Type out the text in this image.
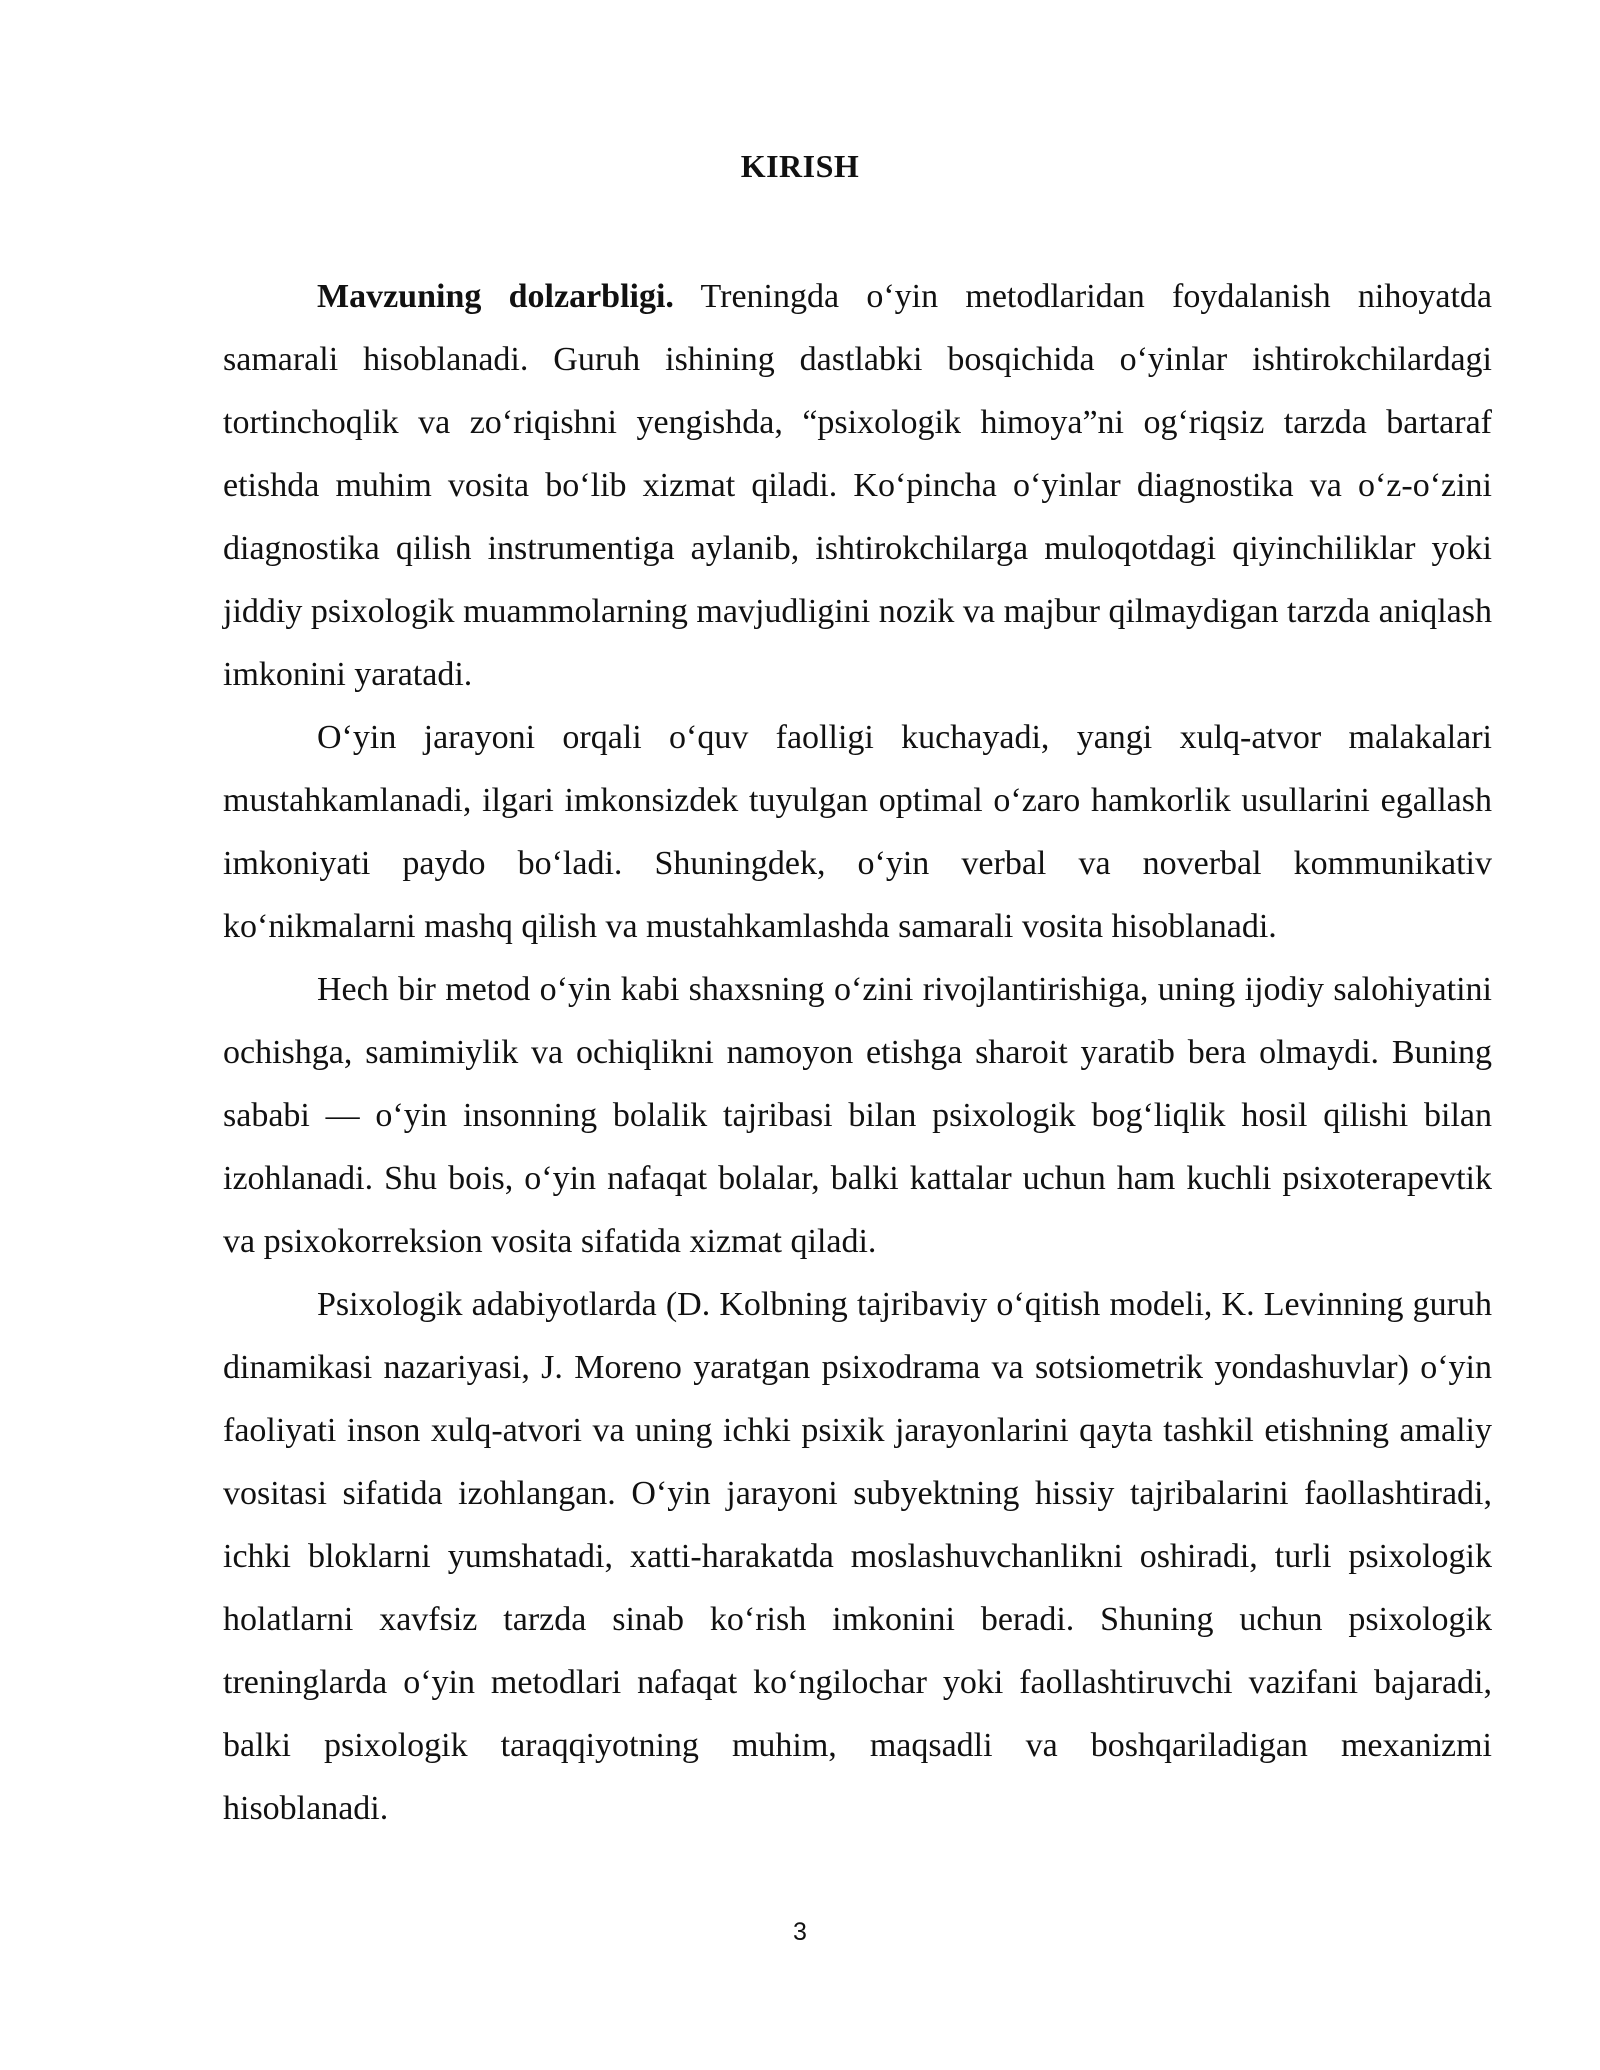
KIRISH

Mavzuning dolzarbligi. Treningda o‘yin metodlaridan foydalanish nihoyatda samarali hisoblanadi. Guruh ishining dastlabki bosqichida o‘yinlar ishtirokchilardagi tortinchoqlik va zo‘riqishni yengishda, “psixologik himoya”ni og‘riqsiz tarzda bartaraf etishda muhim vosita bo‘lib xizmat qiladi. Ko‘pincha o‘yinlar diagnostika va o‘z-o‘zini diagnostika qilish instrumentiga aylanib, ishtirokchilarga muloqotdagi qiyinchiliklar yoki jiddiy psixologik muammolarning mavjudligini nozik va majbur qilmaydigan tarzda aniqlash imkonini yaratadi.

O‘yin jarayoni orqali o‘quv faolligi kuchayadi, yangi xulq-atvor malakalari mustahkamlanadi, ilgari imkonsizdek tuyulgan optimal o‘zaro hamkorlik usullarini egallash imkoniyati paydo bo‘ladi. Shuningdek, o‘yin verbal va noverbal kommunikativ ko‘nikmalarni mashq qilish va mustahkamlashda samarali vosita hisoblanadi.

Hech bir metod o‘yin kabi shaxsning o‘zini rivojlantirishiga, uning ijodiy salohiyatini ochishga, samimiylik va ochiqlikni namoyon etishga sharoit yaratib bera olmaydi. Buning sababi — o‘yin insonning bolalik tajribasi bilan psixologik bog‘liqlik hosil qilishi bilan izohlanadi. Shu bois, o‘yin nafaqat bolalar, balki kattalar uchun ham kuchli psixoterapevtik va psixokorreksion vosita sifatida xizmat qiladi.

Psixologik adabiyotlarda (D. Kolbning tajribaviy o‘qitish modeli, K. Levinning guruh dinamikasi nazariyasi, J. Moreno yaratgan psixodrama va sotsiometrik yondashuvlar) o‘yin faoliyati inson xulq-atvori va uning ichki psixik jarayonlarini qayta tashkil etishning amaliy vositasi sifatida izohlangan. O‘yin jarayoni subyektning hissiy tajribalarini faollashtiradi, ichki bloklarni yumshatadi, xatti-harakatda moslashuvchanlikni oshiradi, turli psixologik holatlarni xavfsiz tarzda sinab ko‘rish imkonini beradi. Shuning uchun psixologik treninglarda o‘yin metodlari nafaqat ko‘ngilochar yoki faollashtiruvchi vazifani bajaradi, balki psixologik taraqqiyotning muhim, maqsadli va boshqariladigan mexanizmi hisoblanadi.

3
